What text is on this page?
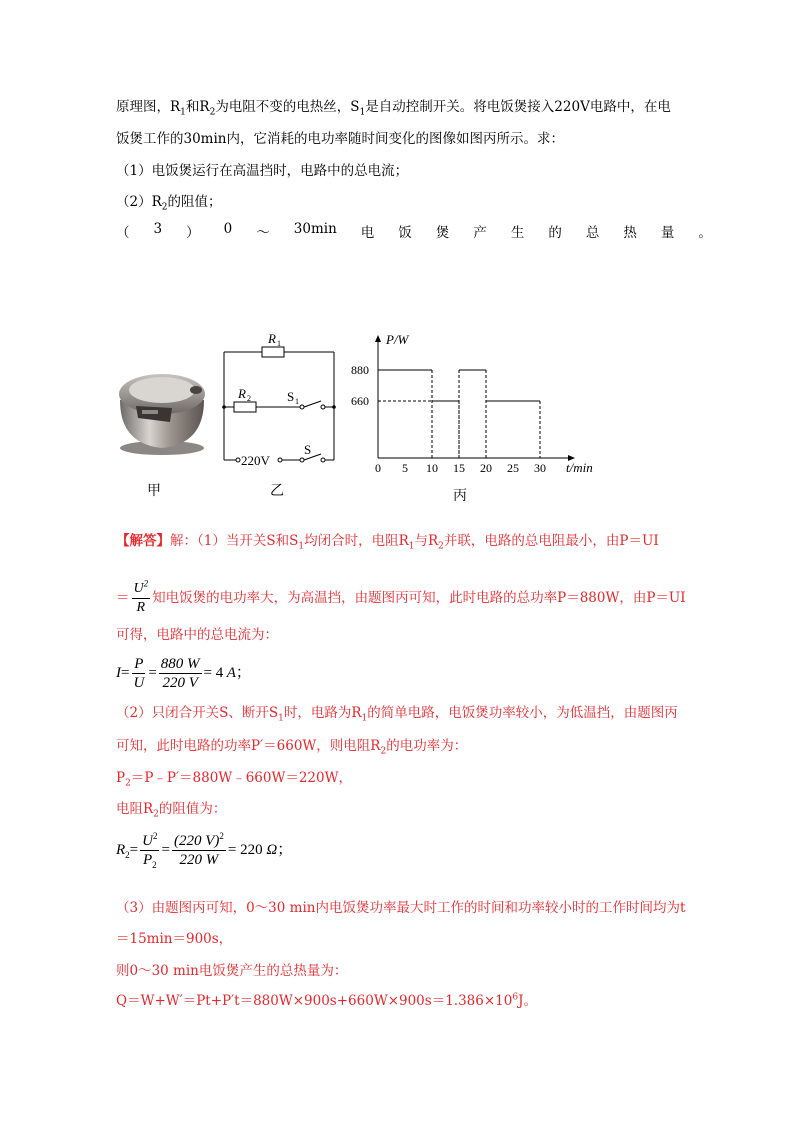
原理图，$R_1$和$R_2$为电阻不变的电热丝，$S_1$是自动控制开关。将电饭煲接入220V电路中，在电
饭煲工作的30min内，它消耗的电功率随时间变化的图像如图丙所示。求：
（1）电饭煲运行在高温挡时，电路中的总电流；
$(2)R_2$的阻值；
（ 3 ） 0 ～ 30min 电 饭 煲 产 生 的 总 热 量 。
甲
R 1
R 2	S 1
S
220V
乙
P/W
t/min
880
660
0 5 10 15 20 25 30
丙
【解答】解：（1）当开关S和$S_1$均闭合时，电阻$R_1$与$R_2$并联，电路的总电阻最小，由P＝UI
＝ $\frac{U^2}{R}$ 知电饭煲的电功率大，为高温挡，由题图丙可知，此时电路的总功率P＝880W，由P＝UI
可得，电路中的总电流为：
$I= \frac{P}{U} = \frac{880 W}{220 V} = 4$ A；
（2）只闭合开关S、断开$S_1$时，电路为$R_1$的简单电路，电饭煲功率较小，为低温挡，由题图丙
可知，此时电路的功率P′＝660W，则电阻$R_2$的电功率为：
$P_2=P﹣P'=880W﹣660W=220W$，
电阻$R_2$的阻值为：
$R_2= \frac{U^2}{P_2} = \frac{(220 V)^2}{220 W} = 220$ Ω；
（3）由题图丙可知，0～30 min内电饭煲功率最大时工作的时间和功率较小时的工作时间均为t
＝15min＝900s，
则0～30 min电饭煲产生的总热量为：
$Q=W+W'=Pt+P't=880W\times 900s+660W\times 900s=1.386\times 10^6J$。
